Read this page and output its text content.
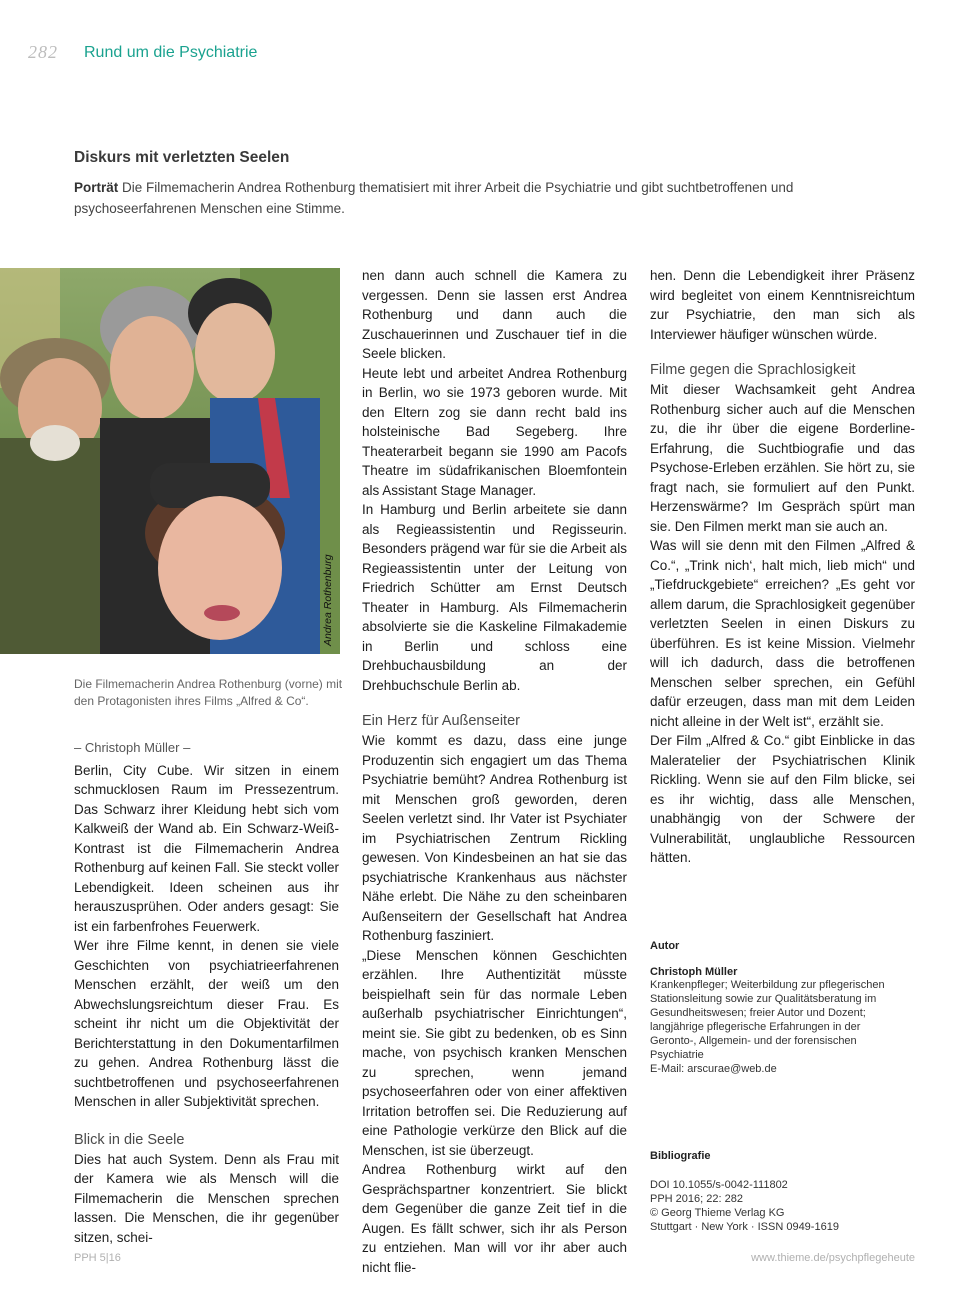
282 Rund um die Psychiatrie
Diskurs mit verletzten Seelen
Porträt Die Filmemacherin Andrea Rothenburg thematisiert mit ihrer Arbeit die Psychiatrie und gibt suchtbetroffenen und psychoseerfahrenen Menschen eine Stimme.
Andrea Rothenburg
Die Filmemacherin Andrea Rothenburg (vorne) mit den Protagonisten ihres Films „Alfred & Co“.

– Christoph Müller –

Berlin, City Cube. Wir sitzen in einem schmucklosen Raum im Pressezentrum. Das Schwarz ihrer Kleidung hebt sich vom Kalkweiß der Wand ab. Ein Schwarz-Weiß-Kontrast ist die Filmemacherin Andrea Rothenburg auf keinen Fall. Sie steckt voller Lebendigkeit. Ideen scheinen aus ihr herauszusprühen. Oder anders gesagt: Sie ist ein farbenfrohes Feuerwerk.

Wer ihre Filme kennt, in denen sie viele Geschichten von psychiatrieerfahrenen Menschen erzählt, der weiß um den Abwechslungsreichtum dieser Frau. Es scheint ihr nicht um die Objektivität der Berichterstattung in den Dokumentarfilmen zu gehen. Andrea Rothenburg lässt die suchtbetroffenen und psychoseerfahrenen Menschen in aller Subjektivität sprechen.

Blick in die Seele

Dies hat auch System. Denn als Frau mit der Kamera wie als Mensch will die Filmemacherin die Menschen sprechen lassen. Die Menschen, die ihr gegenüber sitzen, schei-

nen dann auch schnell die Kamera zu vergessen. Denn sie lassen erst Andrea Rothenburg und dann auch die Zuschauerinnen und Zuschauer tief in die Seele blicken.

Heute lebt und arbeitet Andrea Rothenburg in Berlin, wo sie 1973 geboren wurde. Mit den Eltern zog sie dann recht bald ins holsteinische Bad Segeberg. Ihre Theaterarbeit begann sie 1990 am Pacofs Theatre im südafrikanischen Bloemfontein als Assistant Stage Manager.

In Hamburg und Berlin arbeitete sie dann als Regieassistentin und Regisseurin. Besonders prägend war für sie die Arbeit als Regieassistentin unter der Leitung von Friedrich Schütter am Ernst Deutsch Theater in Hamburg. Als Filmemacherin absolvierte sie die Kaskeline Filmakademie in Berlin und schloss eine Drehbuchausbildung an der Drehbuchschule Berlin ab.

Ein Herz für Außenseiter

Wie kommt es dazu, dass eine junge Produzentin sich engagiert um das Thema Psychiatrie bemüht? Andrea Rothenburg ist mit Menschen groß geworden, deren Seelen verletzt sind. Ihr Vater ist Psychiater im Psychiatrischen Zentrum Rickling gewesen. Von Kindesbeinen an hat sie das psychiatrische Krankenhaus aus nächster Nähe erlebt. Die Nähe zu den scheinbaren Außenseitern der Gesellschaft hat Andrea Rothenburg fasziniert.

„Diese Menschen können Geschichten erzählen. Ihre Authentizität müsste beispielhaft sein für das normale Leben außerhalb psychiatrischer Einrichtungen“, meint sie. Sie gibt zu bedenken, ob es Sinn mache, von psychisch kranken Menschen zu sprechen, wenn jemand psychoseerfahren oder von einer affektiven Irritation betroffen sei. Die Reduzierung auf eine Pathologie verkürze den Blick auf die Menschen, ist sie überzeugt.

Andrea Rothenburg wirkt auf den Gesprächspartner konzentriert. Sie blickt dem Gegenüber die ganze Zeit tief in die Augen. Es fällt schwer, sich ihr als Person zu entziehen. Man will vor ihr aber auch nicht flie-

hen. Denn die Lebendigkeit ihrer Präsenz wird begleitet von einem Kenntnisreichtum zur Psychiatrie, den man sich als Interviewer häufiger wünschen würde.

Filme gegen die Sprachlosigkeit

Mit dieser Wachsamkeit geht Andrea Rothenburg sicher auch auf die Menschen zu, die ihr über die eigene Borderline-Erfahrung, die Suchtbiografie und das Psychose-Erleben erzählen. Sie hört zu, sie fragt nach, sie formuliert auf den Punkt. Herzenswärme? Im Gespräch spürt man sie. Den Filmen merkt man sie auch an.

Was will sie denn mit den Filmen „Alfred & Co.“, „Trink nich‘, halt mich, lieb mich“ und „Tiefdruckgebiete“ erreichen? „Es geht vor allem darum, die Sprachlosigkeit gegenüber verletzten Seelen in einen Diskurs zu überführen. Es ist keine Mission. Vielmehr will ich dadurch, dass die betroffenen Menschen selber sprechen, ein Gefühl dafür erzeugen, dass man mit dem Leiden nicht alleine in der Welt ist“, erzählt sie.

Der Film „Alfred & Co.“ gibt Einblicke in das Maleratelier der Psychiatrischen Klinik Rickling. Wenn sie auf den Film blicke, sei es ihr wichtig, dass alle Menschen, unabhängig von der Schwere der Vulnerabilität, unglaubliche Ressourcen hätten.

Autor
Christoph Müller
Krankenpfleger; Weiterbildung zur pflegerischen Stationsleitung sowie zur Qualitätsberatung im Gesundheitswesen; freier Autor und Dozent; langjährige pflegerische Erfahrungen in der Geronto-, Allgemein- und der forensischen Psychiatrie
E-Mail: arscurae@web.de
Bibliografie
DOI 10.1055/s-0042-111802
PPH 2016; 22: 282
© Georg Thieme Verlag KG
Stuttgart · New York · ISSN 0949-1619
PPH 5|16	www.thieme.de/psychpflegeheute
